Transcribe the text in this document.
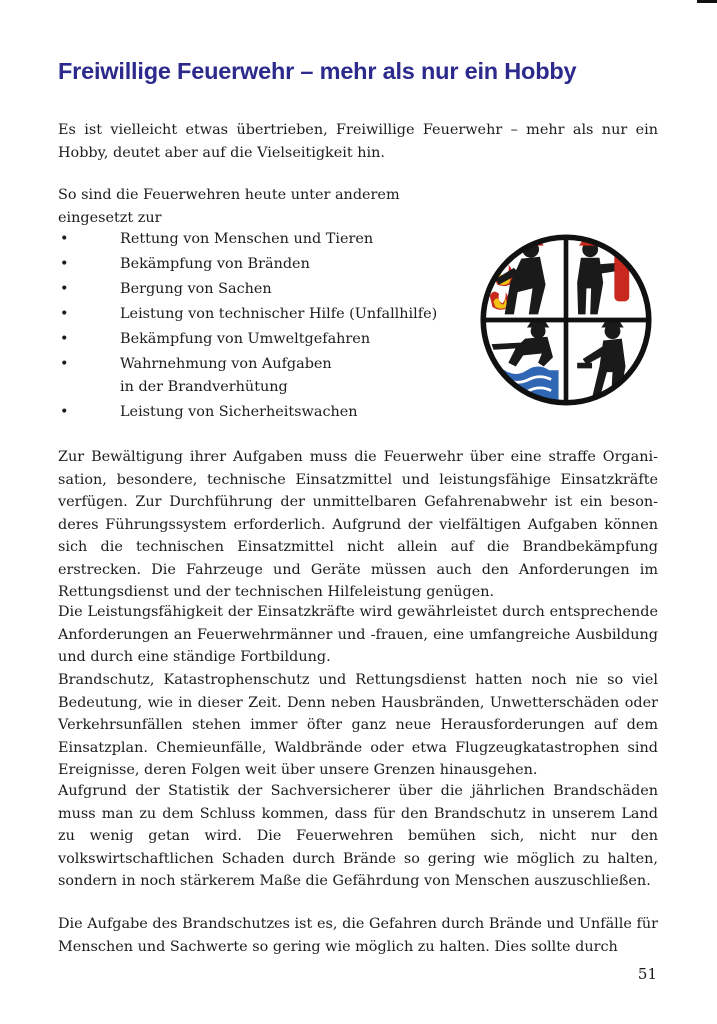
Freiwillige Feuerwehr – mehr als nur ein Hobby

Es ist vielleicht etwas übertrieben, Freiwillige Feuerwehr – mehr als nur ein Hobby, deutet aber auf die Vielseitigkeit hin.

So sind die Feuerwehren heute unter anderem eingesetzt zur

•	Rettung von Menschen und Tieren
•	Bekämpfung von Bränden
•	Bergung von Sachen
•	Leistung von technischer Hilfe (Unfallhilfe)
•	Bekämpfung von Umweltgefahren
•	Wahrnehmung von Aufgaben
in der Brandverhütung
•	Leistung von Sicherheitswachen

Zur Bewältigung ihrer Aufgaben muss die Feuerwehr über eine straffe Organisation, besondere, technische Einsatzmittel und leistungsfähige Einsatzkräfte verfügen. Zur Durchführung der unmittelbaren Gefahrenabwehr ist ein besonderes Führungssystem erforderlich. Aufgrund der vielfältigen Aufgaben können sich die technischen Einsatzmittel nicht allein auf die Brandbekämpfung erstrecken. Die Fahrzeuge und Geräte müssen auch den Anforderungen im Rettungsdienst und der technischen Hilfeleistung genügen.

Die Leistungsfähigkeit der Einsatzkräfte wird gewährleistet durch entsprechende Anforderungen an Feuerwehrmänner und -frauen, eine umfangreiche Ausbildung und durch eine ständige Fortbildung.

Brandschutz, Katastrophenschutz und Rettungsdienst hatten noch nie so viel Bedeutung, wie in dieser Zeit. Denn neben Hausbränden, Unwetterschäden oder Verkehrsunfällen stehen immer öfter ganz neue Herausforderungen auf dem Einsatzplan. Chemieunfälle, Waldbrände oder etwa Flugzeugkatastrophen sind Ereignisse, deren Folgen weit über unsere Grenzen hinausgehen.

Aufgrund der Statistik der Sachversicherer über die jährlichen Brandschäden muss man zu dem Schluss kommen, dass für den Brandschutz in unserem Land zu wenig getan wird. Die Feuerwehren bemühen sich, nicht nur den volkswirtschaftlichen Schaden durch Brände so gering wie möglich zu halten, sondern in noch stärkerem Maße die Gefährdung von Menschen auszuschließen.

Die Aufgabe des Brandschutzes ist es, die Gefahren durch Brände und Unfälle für Menschen und Sachwerte so gering wie möglich zu halten. Dies sollte durch

51
